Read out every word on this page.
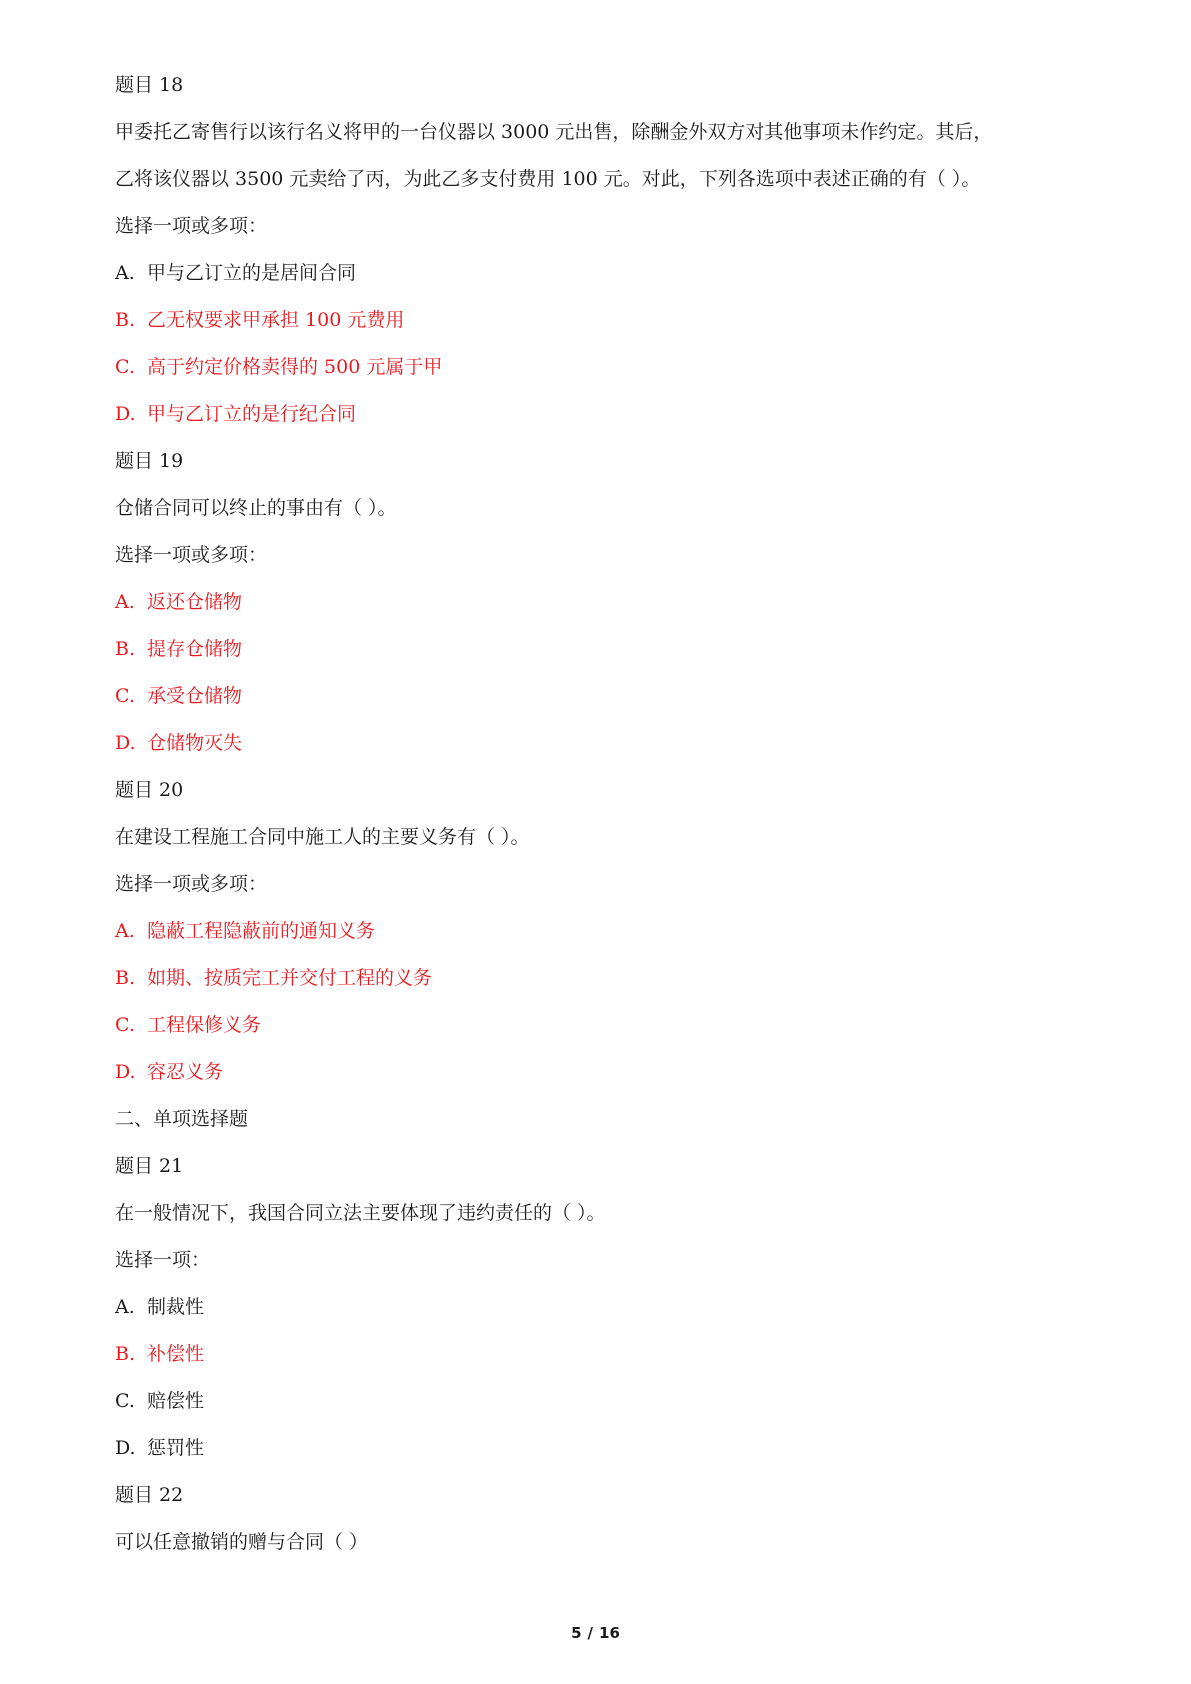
题目 18
甲委托乙寄售行以该行名义将甲的一台仪器以 3000 元出售，除酬金外双方对其他事项未作约定。其后，
乙将该仪器以 3500 元卖给了丙，为此乙多支付费用 100 元。对此，下列各选项中表述正确的有（ ）。
选择一项或多项：
A. 甲与乙订立的是居间合同
B. 乙无权要求甲承担 100 元费用
C. 高于约定价格卖得的 500 元属于甲
D. 甲与乙订立的是行纪合同
题目 19
仓储合同可以终止的事由有（ ）。
选择一项或多项：
A. 返还仓储物
B. 提存仓储物
C. 承受仓储物
D. 仓储物灭失
题目 20
在建设工程施工合同中施工人的主要义务有（ ）。
选择一项或多项：
A. 隐蔽工程隐蔽前的通知义务
B. 如期、按质完工并交付工程的义务
C. 工程保修义务
D. 容忍义务
二、单项选择题
题目 21
在一般情况下，我国合同立法主要体现了违约责任的（ ）。
选择一项：
A. 制裁性
B. 补偿性
C. 赔偿性
D. 惩罚性
题目 22
可以任意撤销的赠与合同（ ）
5 / 16
